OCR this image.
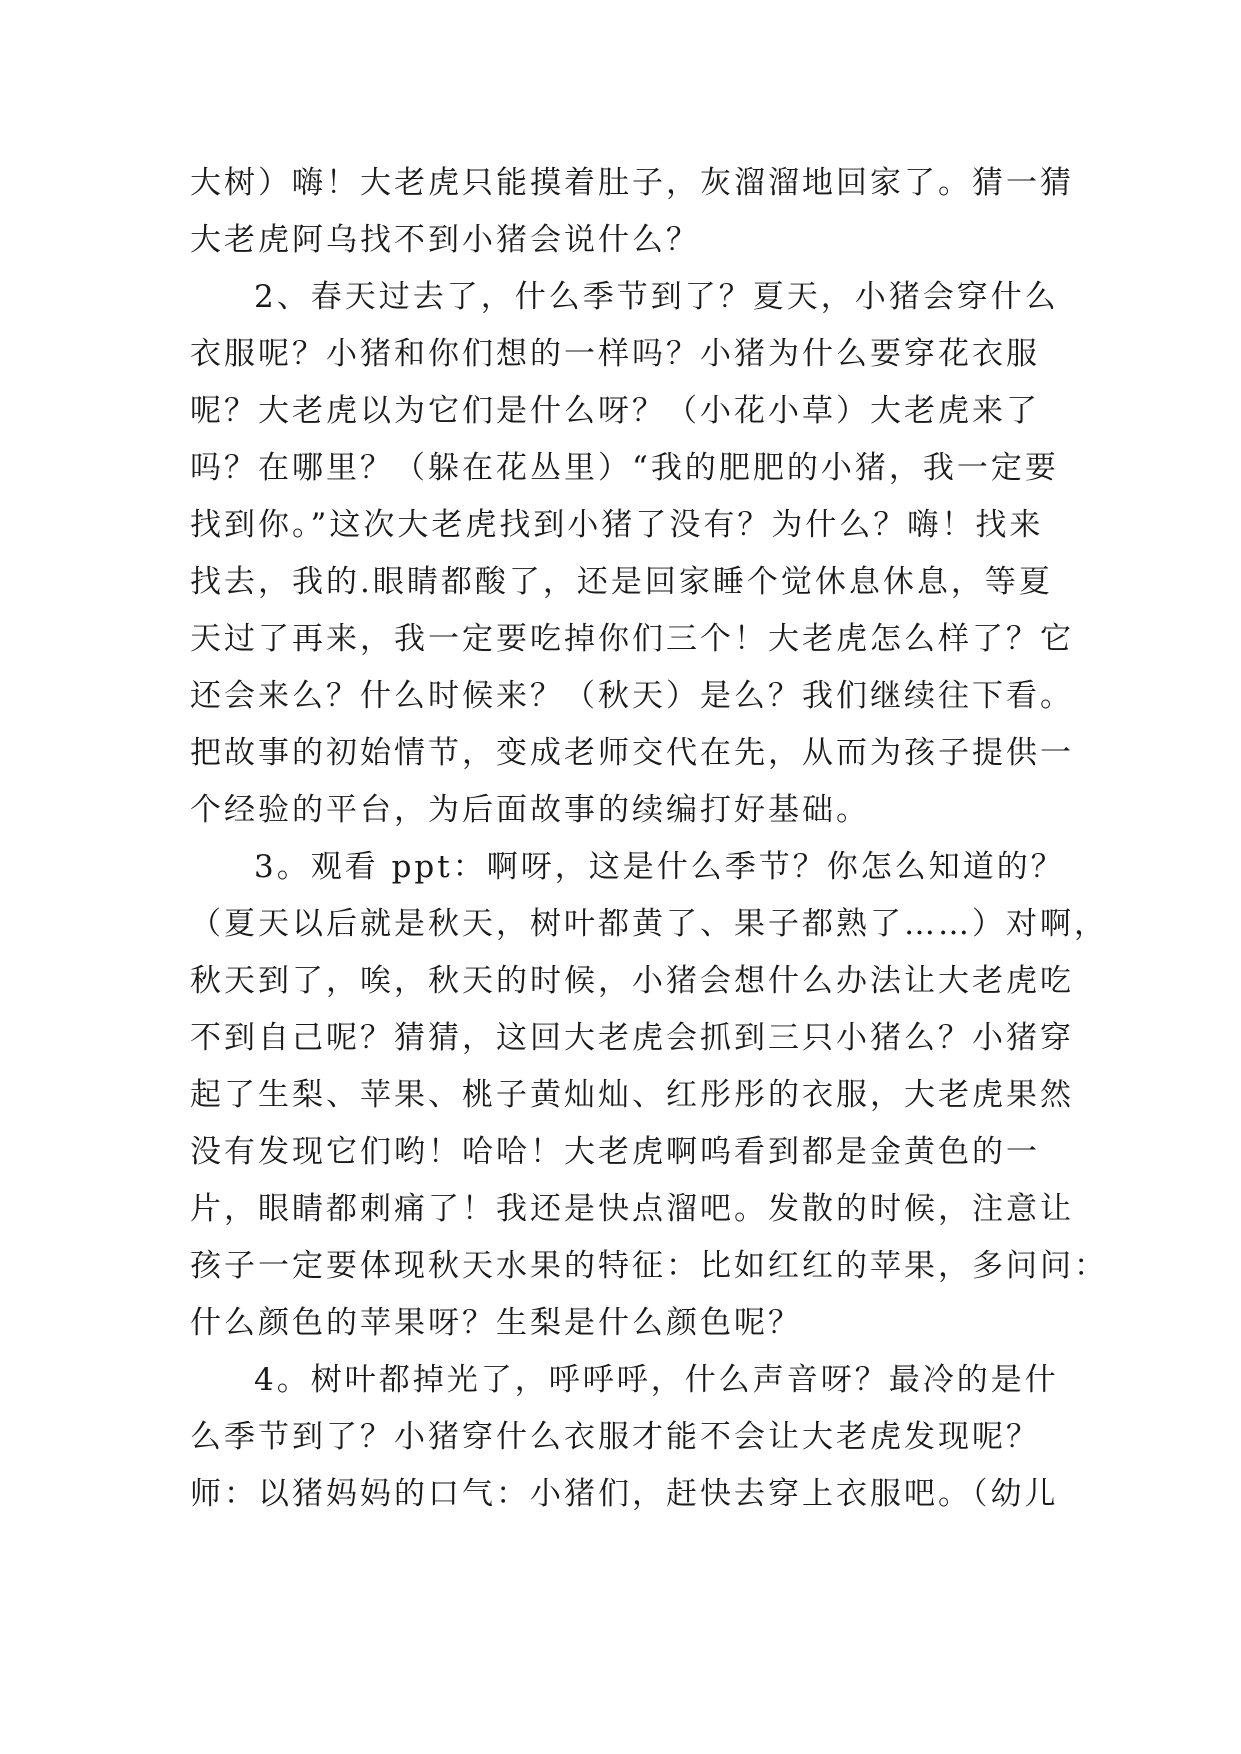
大树）嗨！大老虎只能摸着肚子，灰溜溜地回家了。猜一猜
大老虎阿乌找不到小猪会说什么？
2、春天过去了，什么季节到了？夏天，小猪会穿什么
衣服呢？小猪和你们想的一样吗？小猪为什么要穿花衣服
呢？大老虎以为它们是什么呀？（小花小草）大老虎来了
吗？在哪里？（躲在花丛里）“我的肥肥的小猪，我一定要
找到你。”这次大老虎找到小猪了没有？为什么？嗨！找来
找去，我的.眼睛都酸了，还是回家睡个觉休息休息，等夏
天过了再来，我一定要吃掉你们三个！大老虎怎么样了？它
还会来么？什么时候来？（秋天）是么？我们继续往下看。
把故事的初始情节，变成老师交代在先，从而为孩子提供一
个经验的平台，为后面故事的续编打好基础。
3。观看 ppt：啊呀，这是什么季节？你怎么知道的？
（夏天以后就是秋天，树叶都黄了、果子都熟了……）对啊，
秋天到了，唉，秋天的时候，小猪会想什么办法让大老虎吃
不到自己呢？猜猜，这回大老虎会抓到三只小猪么？小猪穿
起了生梨、苹果、桃子黄灿灿、红彤彤的衣服，大老虎果然
没有发现它们哟！哈哈！大老虎啊呜看到都是金黄色的一
片，眼睛都刺痛了！我还是快点溜吧。发散的时候，注意让
孩子一定要体现秋天水果的特征：比如红红的苹果，多问问：
什么颜色的苹果呀？生梨是什么颜色呢？
4。树叶都掉光了，呼呼呼，什么声音呀？最冷的是什
么季节到了？小猪穿什么衣服才能不会让大老虎发现呢？
师：以猪妈妈的口气：小猪们，赶快去穿上衣服吧。（幼儿
